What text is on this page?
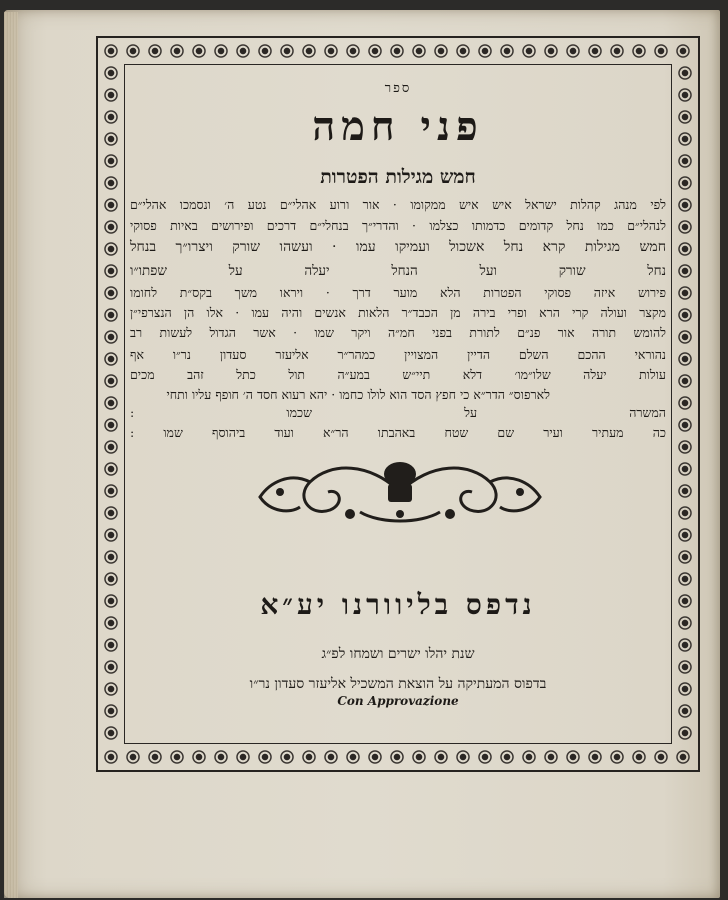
ספר
פני חמה
חמש מגילות הפטרות
לפי מנהג קהלות ישראל איש איש ממקומו · אור ורוע אהלי״ם נטע ה׳ ונסמכו אהלי״ם
לנהלי״ם כמו נחל קדומים כדמותו כצלמו · והדרי״ך בנחלי״ם דרכים ופירושים באיות פסוקי
חמש מגילות קרא נחל אשכול ועמיקו עמו · ועשהו שורק ויצרו״ך בנחל
נחל שורק ועל הנחל יעלה על שפתו״ו
פירוש איזה פסוקי הפטרות הלא מוער דרך · ויראו משך בקס״ת לחומו
מקצר ועולה קרי הרא ופרי בירה מן הכבד״ר הלאות אנשים והיה עמו · אלו הן הנצרפי״ן
להומש תורה אור פנ״ם לתורת בפני חמ״ה ויקר שמו · אשר הגדול לעשות רב
נהוראי ההכם השלם הדיין המצויין כמהר״ר אליעזר סעדון נר״ו אף
עולות יעלה שלו״מו׳ דלא תיי״ש במע״ה תול כתל זהב מכים
לארפוס״ הדר״א כי חפץ הסד הוא לולו כחמו · יהא רעוא חסד ה׳ חופף עליו ותחי
המשרה על שכמו :
כה מעתיר ועיר שם שטח באהבתו הר״א ועוד ביהוסף שמו :
נדפס בליוורנו יע״א
שנת יהלו ישרים ושמחו לפ״ג
בדפוס המעתיקה על הוצאת המשכיל אליעזר סעדון נר״ו
Con Approvazione
